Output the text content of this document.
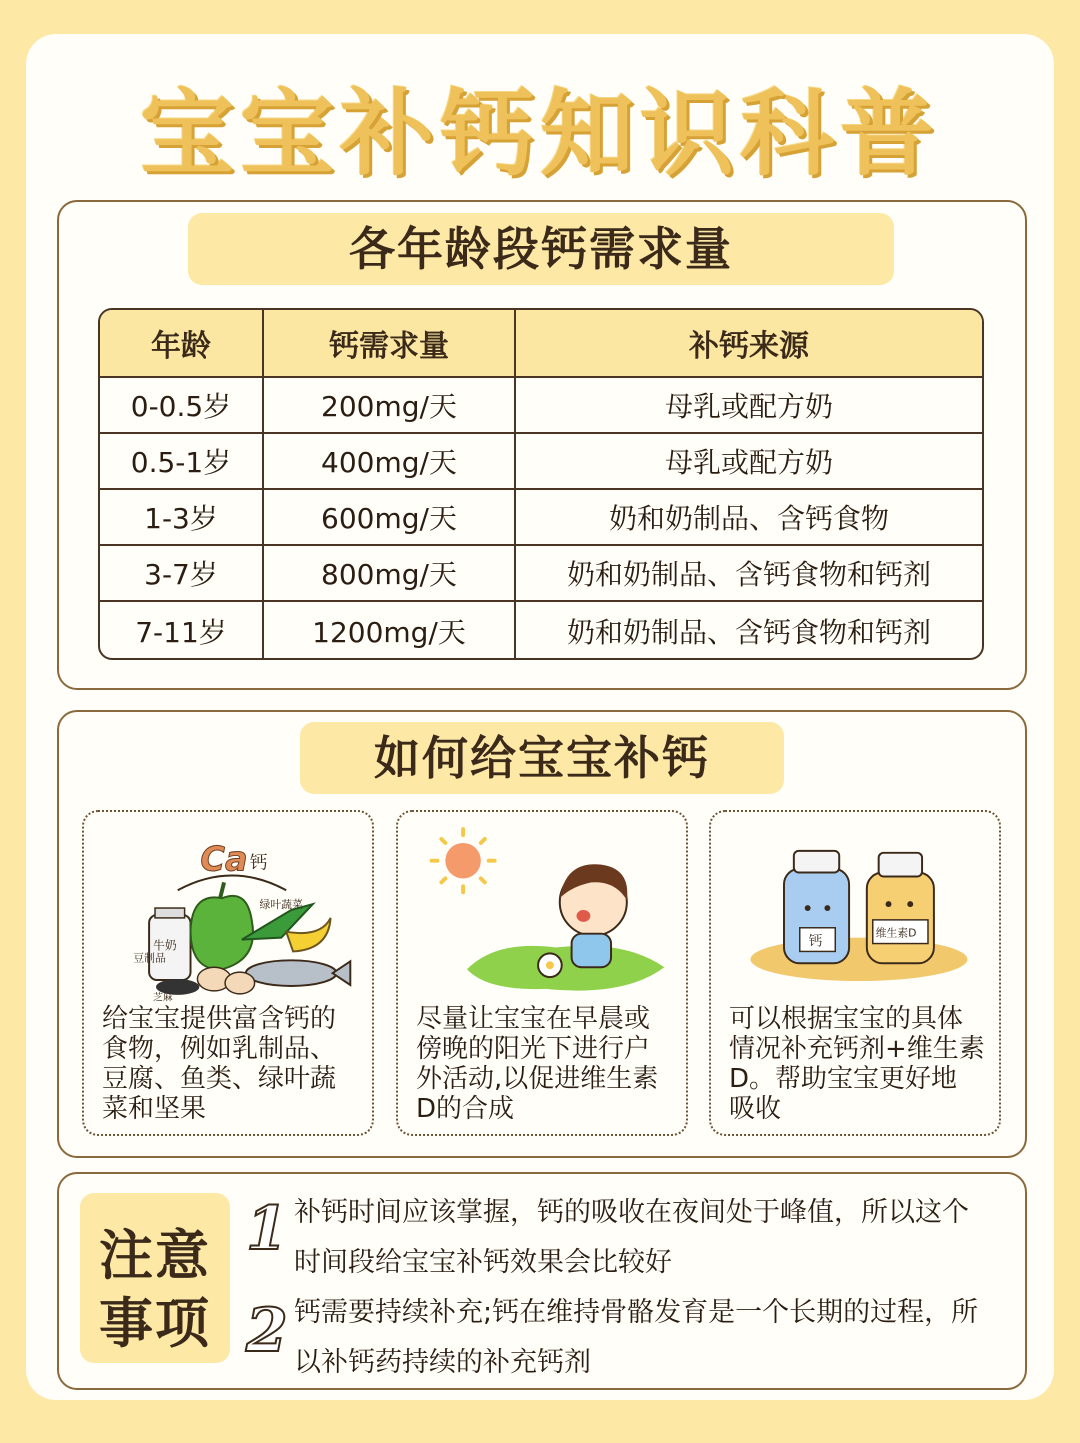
宝宝补钙知识科普
各年龄段钙需求量
年龄	钙需求量	补钙来源
0-0.5岁	200mg/天	母乳或配方奶
0.5-1岁	400mg/天	母乳或配方奶
1-3岁	600mg/天	奶和奶制品、含钙食物
3-7岁	800mg/天	奶和奶制品、含钙食物和钙剂
7-11岁	1200mg/天	奶和奶制品、含钙食物和钙剂
如何给宝宝补钙
Ca 钙
牛奶
豆制品
绿叶蔬菜
芝麻
给宝宝提供富含钙的
食物，例如乳制品、
豆腐、鱼类、绿叶蔬
菜和坚果
尽量让宝宝在早晨或
傍晚的阳光下进行户
外活动,以促进维生素
D的合成
钙
维生素D
可以根据宝宝的具体
情况补充钙剂+维生素
D。帮助宝宝更好地
吸收
注意
事项
1 补钙时间应该掌握，钙的吸收在夜间处于峰值，所以这个
时间段给宝宝补钙效果会比较好
2 钙需要持续补充;钙在维持骨骼发育是一个长期的过程，所
以补钙药持续的补充钙剂
